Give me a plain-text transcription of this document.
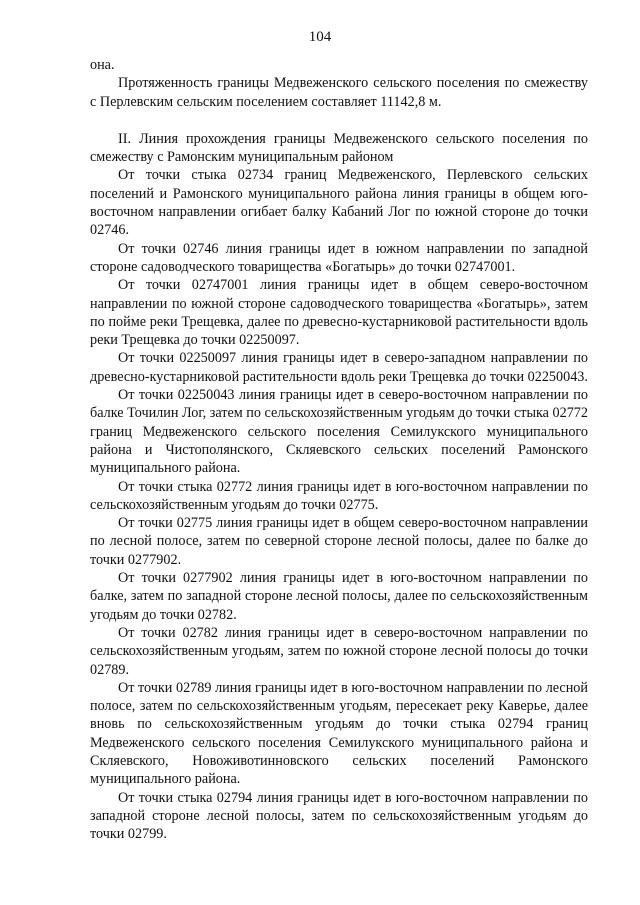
104

она.

Протяженность границы Медвеженского сельского поселения по смежеству с Перлевским сельским поселением составляет 11142,8 м.

II. Линия прохождения границы Медвеженского сельского поселения по смежеству с Рамонским муниципальным районом

От точки стыка 02734 границ Медвеженского, Перлевского сельских поселений и Рамонского муниципального района линия границы в общем юго-восточном направлении огибает балку Кабаний Лог по южной стороне до точки 02746.

От точки 02746 линия границы идет в южном направлении по западной стороне садоводческого товарищества «Богатырь» до точки 02747001.

От точки 02747001 линия границы идет в общем северо-восточном направлении по южной стороне садоводческого товарищества «Богатырь», затем по пойме реки Трещевка, далее по древесно-кустарниковой растительности вдоль реки Трещевка до точки 02250097.

От точки 02250097 линия границы идет в северо-западном направлении по древесно-кустарниковой растительности вдоль реки Трещевка до точки 02250043.

От точки 02250043 линия границы идет в северо-восточном направлении по балке Точилин Лог, затем по сельскохозяйственным угодьям до точки стыка 02772 границ Медвеженского сельского поселения Семилукского муниципального района и Чистополянского, Скляевского сельских поселений Рамонского муниципального района.

От точки стыка 02772 линия границы идет в юго-восточном направлении по сельскохозяйственным угодьям до точки 02775.

От точки 02775 линия границы идет в общем северо-восточном направлении по лесной полосе, затем по северной стороне лесной полосы, далее по балке до точки 0277902.

От точки 0277902 линия границы идет в юго-восточном направлении по балке, затем по западной стороне лесной полосы, далее по сельскохозяйственным угодьям до точки 02782.

От точки 02782 линия границы идет в северо-восточном направлении по сельскохозяйственным угодьям, затем по южной стороне лесной полосы до точки 02789.

От точки 02789 линия границы идет в юго-восточном направлении по лесной полосе, затем по сельскохозяйственным угодьям, пересекает реку Каверье, далее вновь по сельскохозяйственным угодьям до точки стыка 02794 границ Медвеженского сельского поселения Семилукского муниципального района и Скляевского, Новоживотинновского сельских поселений Рамонского муниципального района.

От точки стыка 02794 линия границы идет в юго-восточном направлении по западной стороне лесной полосы, затем по сельскохозяйственным угодьям до точки 02799.
